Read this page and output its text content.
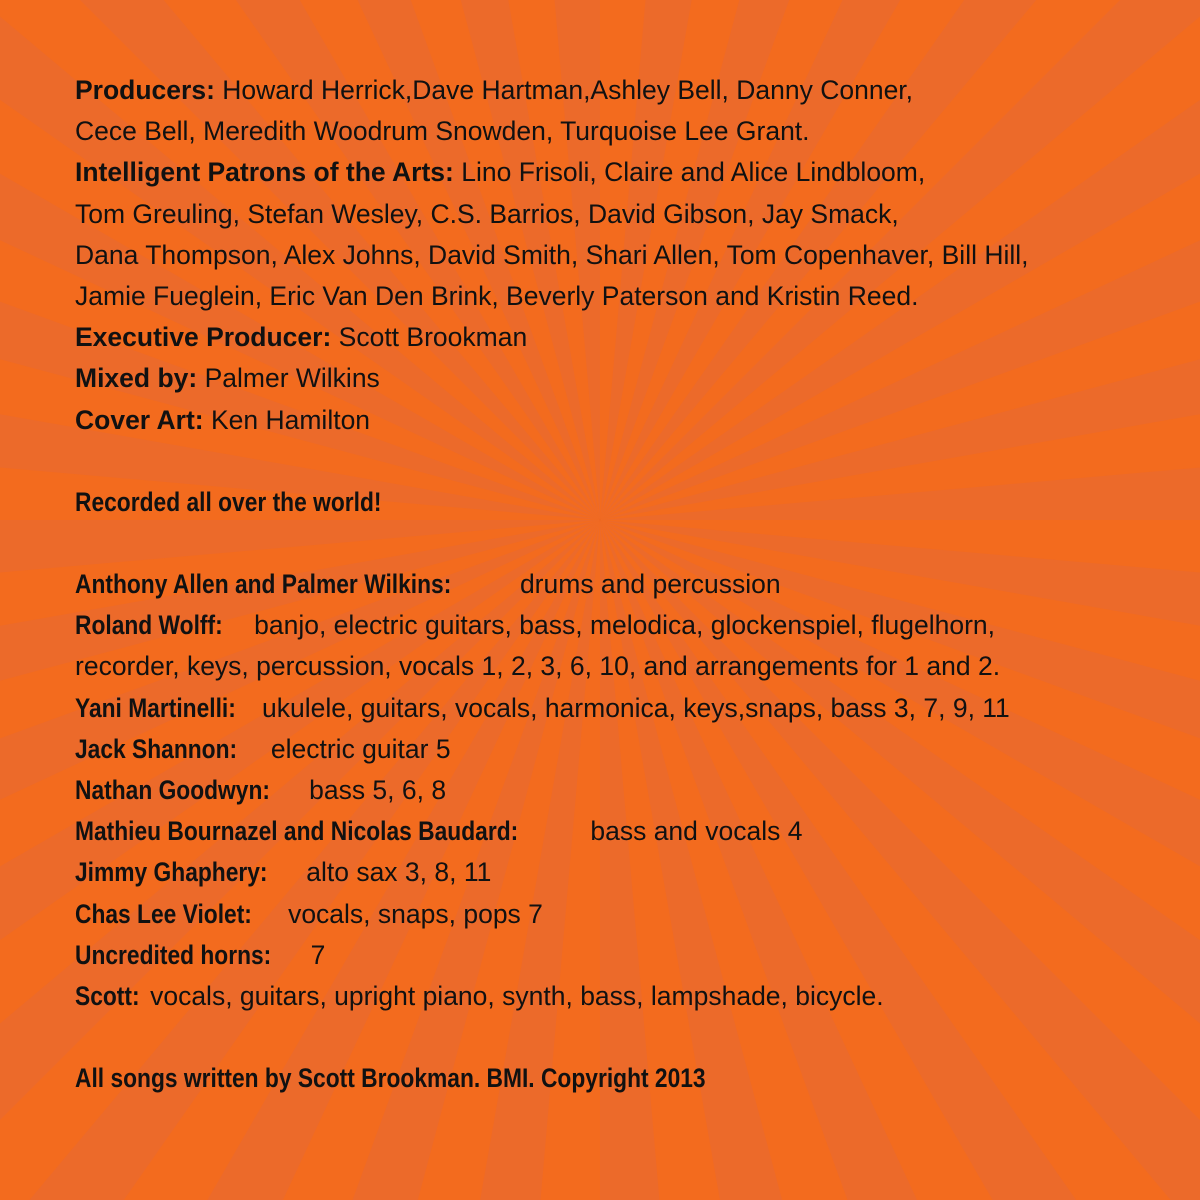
Producers: Howard Herrick,Dave Hartman,Ashley Bell, Danny Conner,

Cece Bell, Meredith Woodrum Snowden, Turquoise Lee Grant.

Intelligent Patrons of the Arts: Lino Frisoli, Claire and Alice Lindbloom,

Tom Greuling, Stefan Wesley, C.S. Barrios, David Gibson, Jay Smack,

Dana Thompson, Alex Johns, David Smith, Shari Allen, Tom Copenhaver, Bill Hill,

Jamie Fueglein, Eric Van Den Brink, Beverly Paterson and Kristin Reed.

Executive Producer: Scott Brookman

Mixed by: Palmer Wilkins

Cover Art: Ken Hamilton

Recorded all over the world!

Anthony Allen and Palmer Wilkins:	drums and percussion

Roland Wolff: banjo, electric guitars, bass, melodica, glockenspiel, flugelhorn,

recorder, keys, percussion, vocals 1, 2, 3, 6, 10, and arrangements for 1 and 2.

Yani Martinelli: ukulele, guitars, vocals, harmonica, keys,snaps, bass 3, 7, 9, 11

Jack Shannon: electric guitar 5

Nathan Goodwyn: bass 5, 6, 8

Mathieu Bournazel and Nicolas Baudard:	bass and vocals 4

Jimmy Ghaphery: alto sax 3, 8, 11

Chas Lee Violet: vocals, snaps, pops 7

Uncredited horns: 7

Scott: vocals, guitars, upright piano, synth, bass, lampshade, bicycle.

All songs written by Scott Brookman. BMI. Copyright 2013
